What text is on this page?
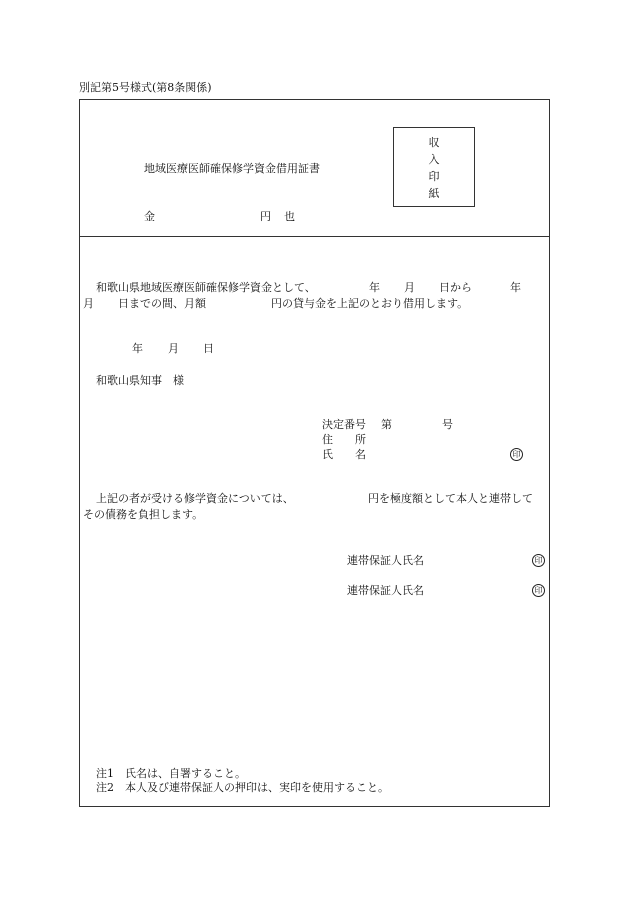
別記第5号様式(第8条関係)
地域医療医師確保修学資金借用証書
金	円 也
収
入
印
紙
和歌山県地域医療医師確保修学資金として、	年 月 日から	年
月 日までの間、月額	円の貸与金を上記のとおり借用します。
年 月 日
和歌山県知事　様
決定番号 第	号
住　　所
氏　　名	印
上記の者が受ける修学資金については、	円を極度額として本人と連帯して
その債務を負担します。
連帯保証人氏名	印
連帯保証人氏名	印
注1　氏名は、自署すること。
注2　本人及び連帯保証人の押印は、実印を使用すること。
